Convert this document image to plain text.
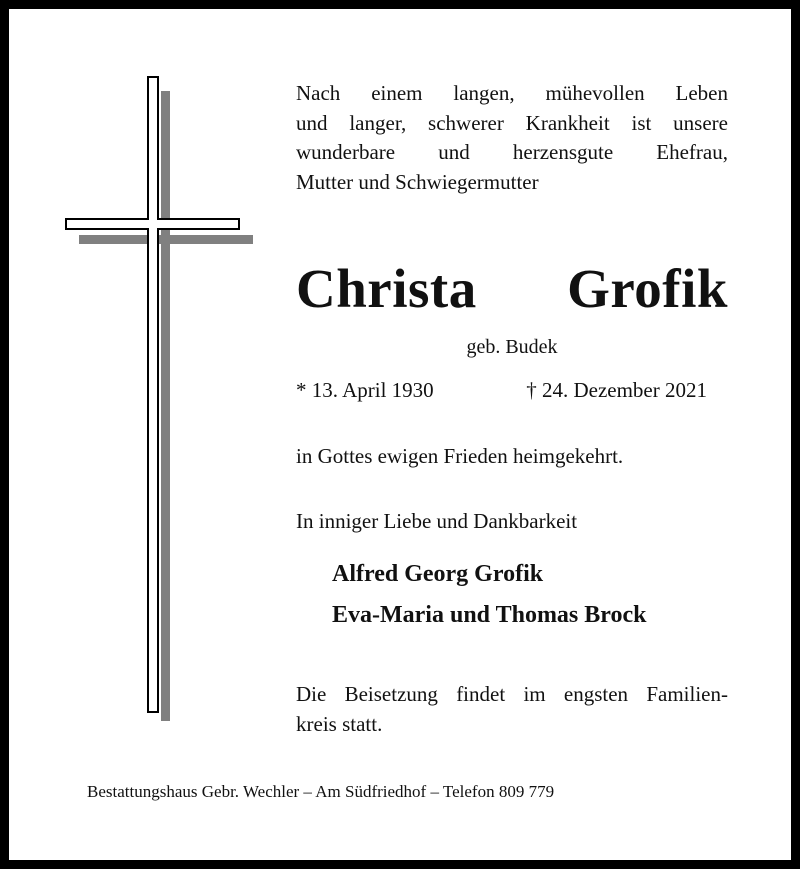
Nach einem langen, mühevollen Leben
und langer, schwerer Krankheit ist unsere
wunderbare und herzensgute Ehefrau,
Mutter und Schwiegermutter
Christa Grofik
geb. Budek
* 13. April 1930	† 24. Dezember 2021
in Gottes ewigen Frieden heimgekehrt.
In inniger Liebe und Dankbarkeit
Alfred Georg Grofik
Eva-Maria und Thomas Brock
Die Beisetzung findet im engsten Familien-
kreis statt.
Bestattungshaus Gebr. Wechler – Am Südfriedhof – Telefon 809 779
